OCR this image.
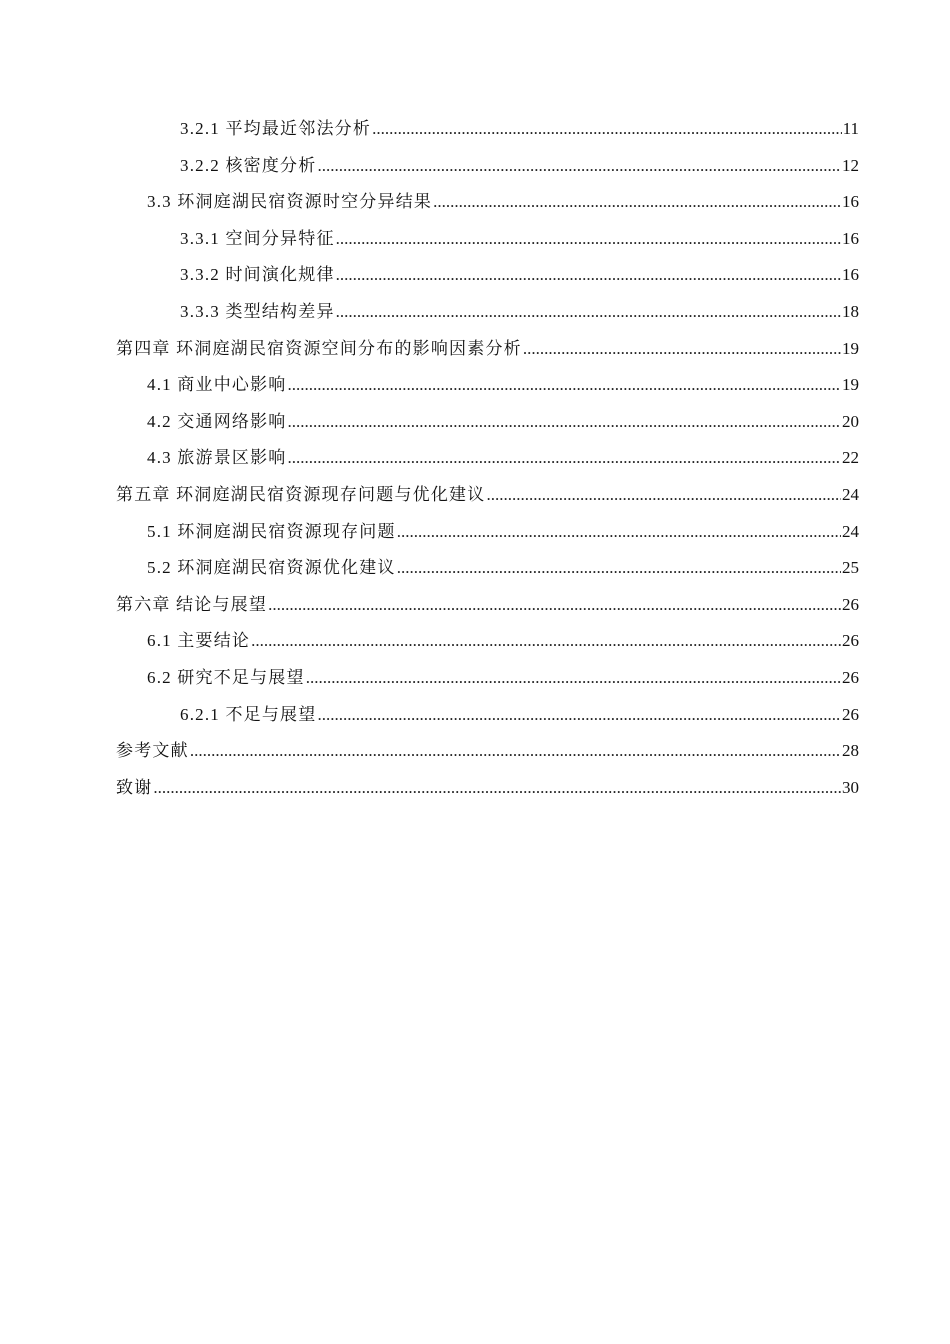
3.2.1 平均最近邻法分析 .....	11
3.2.2 核密度分析 .....	12
3.3 环洞庭湖民宿资源时空分异结果 .....	16
3.3.1 空间分异特征 .....	16
3.3.2 时间演化规律 .....	16
3.3.3 类型结构差异 .....	18
第四章 环洞庭湖民宿资源空间分布的影响因素分析 .....	19
4.1 商业中心影响 .....	19
4.2 交通网络影响 .....	20
4.3 旅游景区影响 .....	22
第五章 环洞庭湖民宿资源现存问题与优化建议 .....	24
5.1 环洞庭湖民宿资源现存问题 .....	24
5.2 环洞庭湖民宿资源优化建议 .....	25
第六章 结论与展望 .....	26
6.1 主要结论 .....	26
6.2 研究不足与展望 .....	26
6.2.1 不足与展望 .....	26
参考文献 .....	28
致谢 .....	30
